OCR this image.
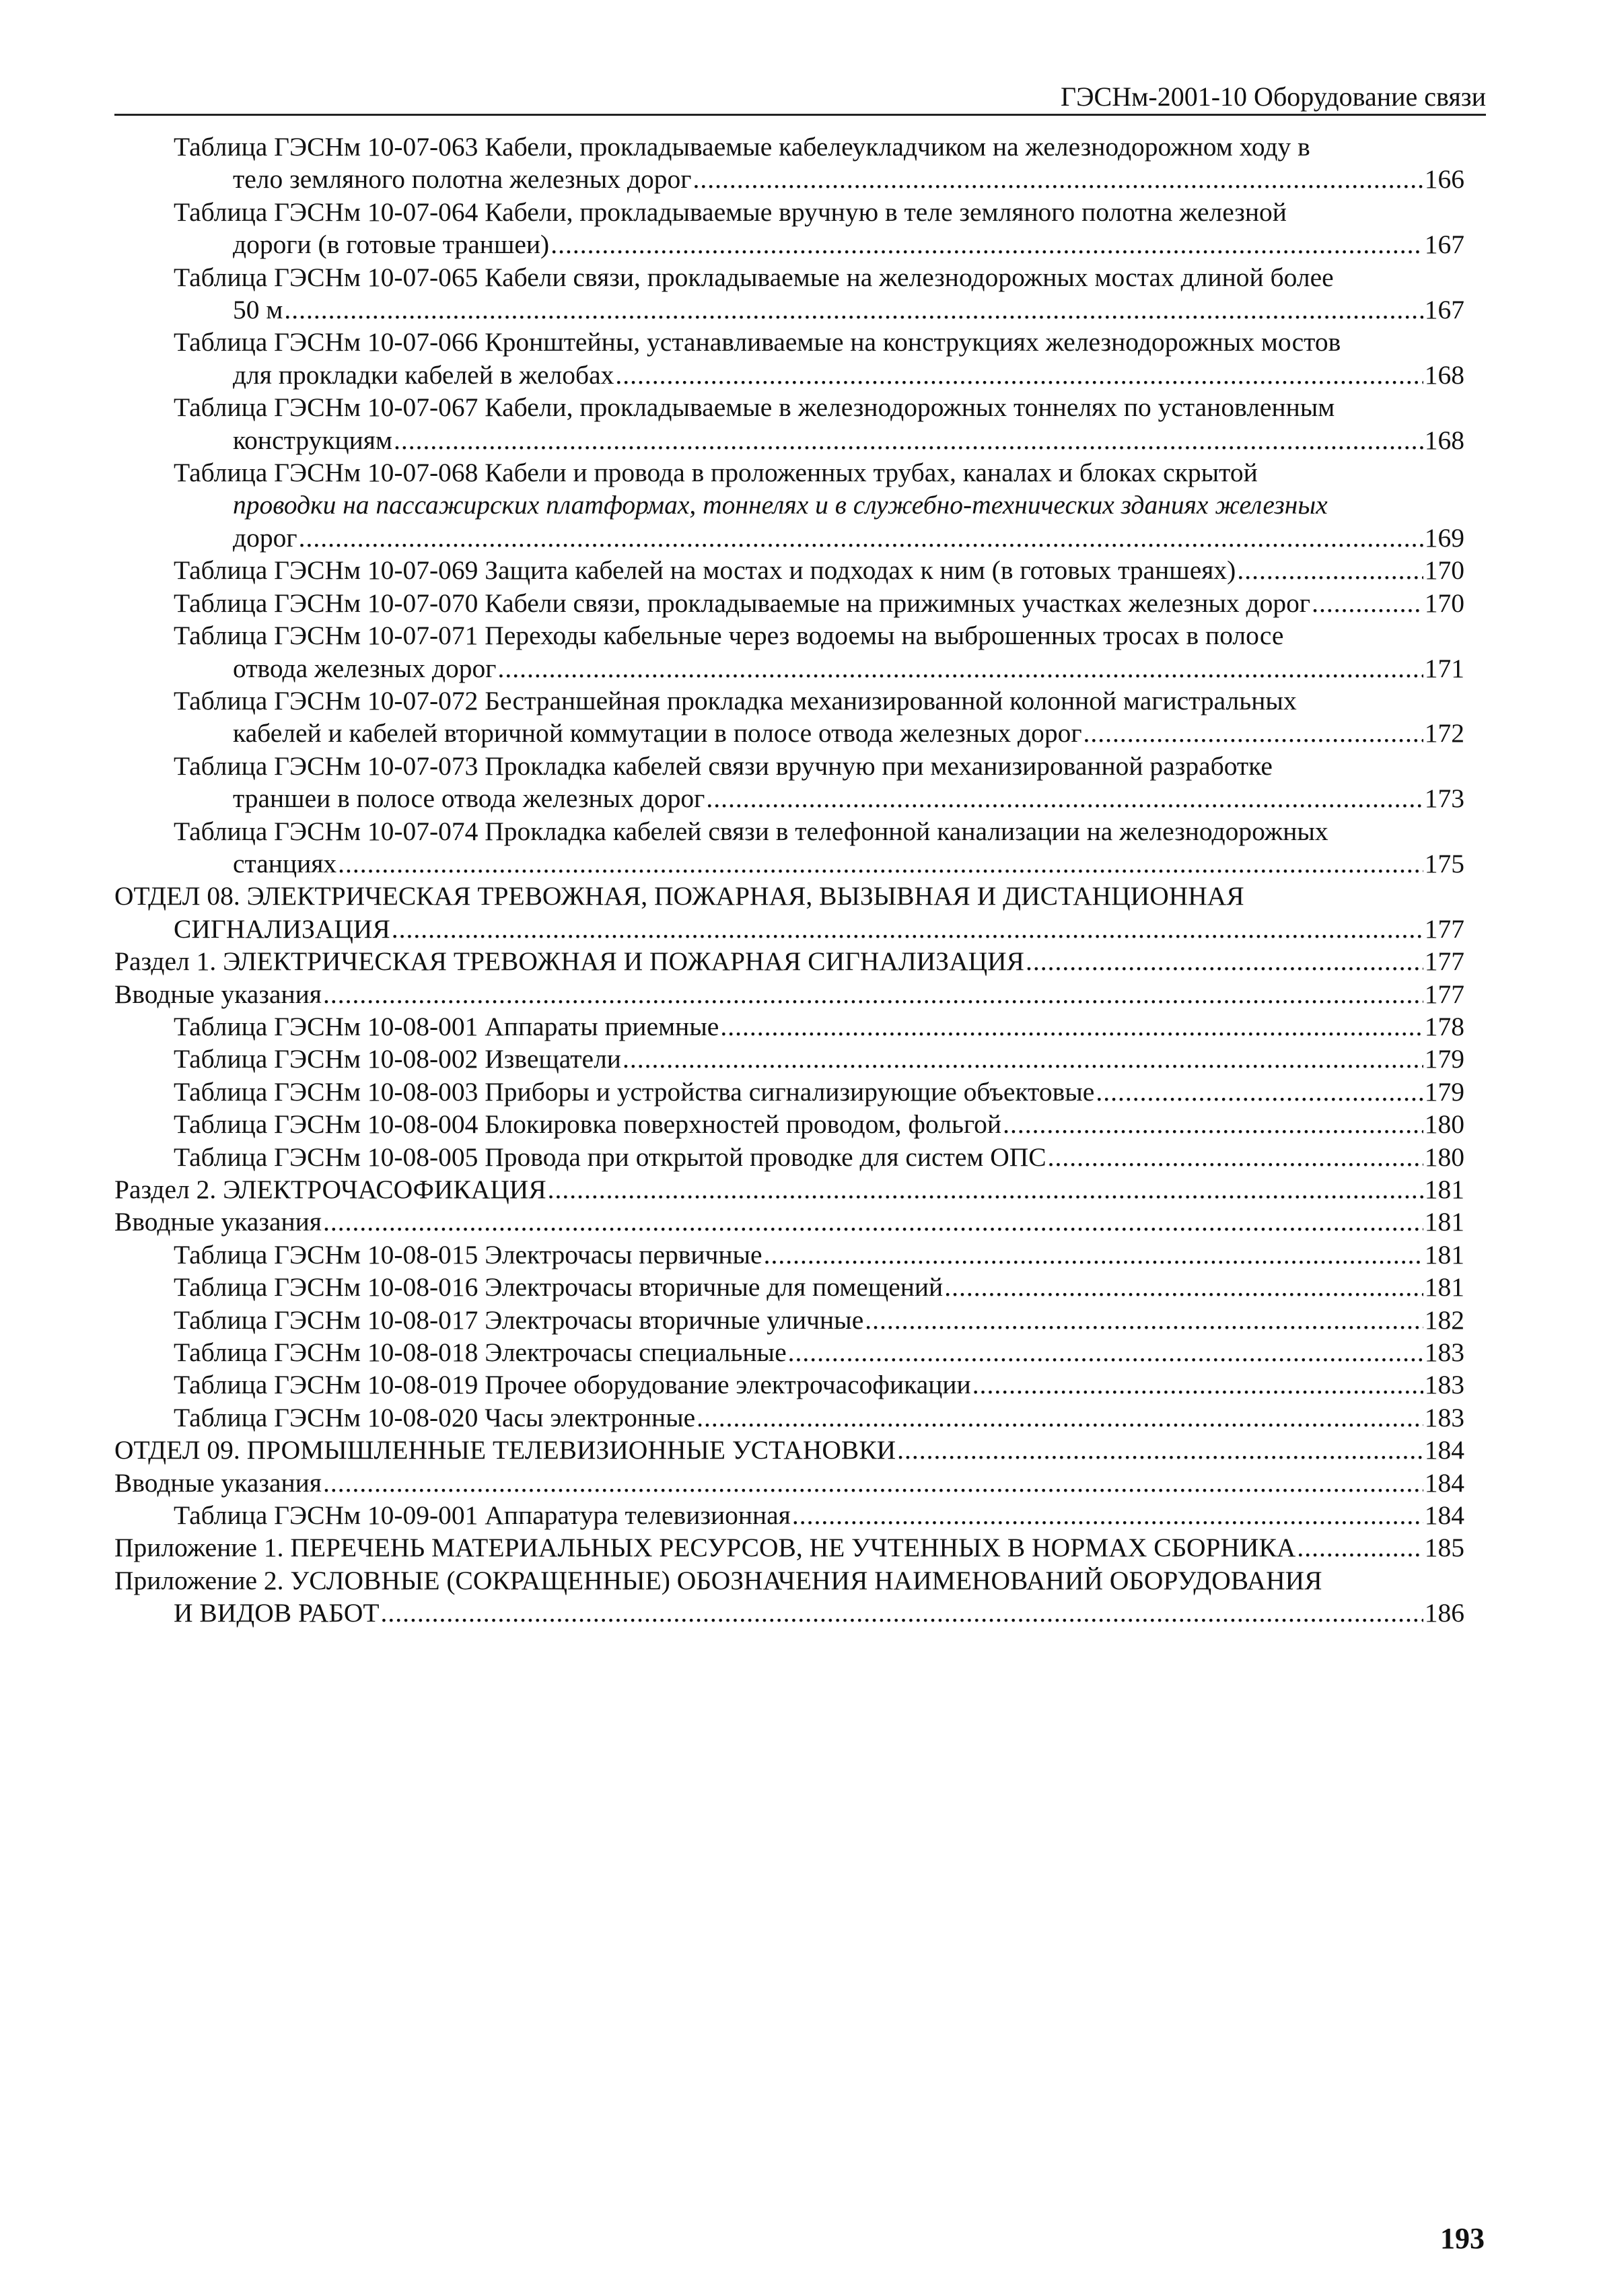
ГЭСНм-2001-10 Оборудование связи
Таблица ГЭСНм 10-07-063 Кабели, прокладываемые кабелеукладчиком на железнодорожном ходу в
тело земляного полотна железных дорог .....	166
Таблица ГЭСНм 10-07-064 Кабели, прокладываемые вручную в теле земляного полотна железной
дороги (в готовые траншеи) .....	167
Таблица ГЭСНм 10-07-065 Кабели связи, прокладываемые на железнодорожных мостах длиной более
50 м .....	167
Таблица ГЭСНм 10-07-066 Кронштейны, устанавливаемые на конструкциях железнодорожных мостов
для прокладки кабелей в желобах .....	168
Таблица ГЭСНм 10-07-067 Кабели, прокладываемые в железнодорожных тоннелях по установленным
конструкциям .....	168
Таблица ГЭСНм 10-07-068 Кабели и провода в проложенных трубах, каналах и блоках скрытой
проводки на пассажирских платформах, тоннелях и в служебно-технических зданиях железных
дорог .....	169
Таблица ГЭСНм 10-07-069 Защита кабелей на мостах и подходах к ним (в готовых траншеях) .....	170
Таблица ГЭСНм 10-07-070 Кабели связи, прокладываемые на прижимных участках железных дорог .....	170
Таблица ГЭСНм 10-07-071 Переходы кабельные через водоемы на выброшенных тросах в полосе
отвода железных дорог .....	171
Таблица ГЭСНм 10-07-072 Бестраншейная прокладка механизированной колонной магистральных
кабелей и кабелей вторичной коммутации в полосе отвода железных дорог .....	172
Таблица ГЭСНм 10-07-073 Прокладка кабелей связи вручную при механизированной разработке
траншеи в полосе отвода железных дорог .....	173
Таблица ГЭСНм 10-07-074 Прокладка кабелей связи в телефонной канализации на железнодорожных
станциях .....	175
ОТДЕЛ 08. ЭЛЕКТРИЧЕСКАЯ ТРЕВОЖНАЯ, ПОЖАРНАЯ, ВЫЗЫВНАЯ И ДИСТАНЦИОННАЯ
СИГНАЛИЗАЦИЯ .....	177
Раздел 1. ЭЛЕКТРИЧЕСКАЯ ТРЕВОЖНАЯ И ПОЖАРНАЯ СИГНАЛИЗАЦИЯ .....	177
Вводные указания .....	177
Таблица ГЭСНм 10-08-001 Аппараты приемные .....	178
Таблица ГЭСНм 10-08-002 Извещатели .....	179
Таблица ГЭСНм 10-08-003 Приборы и устройства сигнализирующие объектовые .....	179
Таблица ГЭСНм 10-08-004 Блокировка поверхностей проводом, фольгой .....	180
Таблица ГЭСНм 10-08-005 Провода при открытой проводке для систем ОПС .....	180
Раздел 2. ЭЛЕКТРОЧАСОФИКАЦИЯ .....	181
Вводные указания .....	181
Таблица ГЭСНм 10-08-015 Электрочасы первичные .....	181
Таблица ГЭСНм 10-08-016 Электрочасы вторичные для помещений .....	181
Таблица ГЭСНм 10-08-017 Электрочасы вторичные уличные .....	182
Таблица ГЭСНм 10-08-018 Электрочасы специальные .....	183
Таблица ГЭСНм 10-08-019 Прочее оборудование электрочасофикации .....	183
Таблица ГЭСНм 10-08-020 Часы электронные .....	183
ОТДЕЛ 09. ПРОМЫШЛЕННЫЕ ТЕЛЕВИЗИОННЫЕ УСТАНОВКИ .....	184
Вводные указания .....	184
Таблица ГЭСНм 10-09-001 Аппаратура телевизионная .....	184
Приложение 1. ПЕРЕЧЕНЬ МАТЕРИАЛЬНЫХ РЕСУРСОВ, НЕ УЧТЕННЫХ В НОРМАХ СБОРНИКА .....	185
Приложение 2. УСЛОВНЫЕ (СОКРАЩЕННЫЕ) ОБОЗНАЧЕНИЯ НАИМЕНОВАНИЙ ОБОРУДОВАНИЯ
И ВИДОВ РАБОТ .....	186
193
